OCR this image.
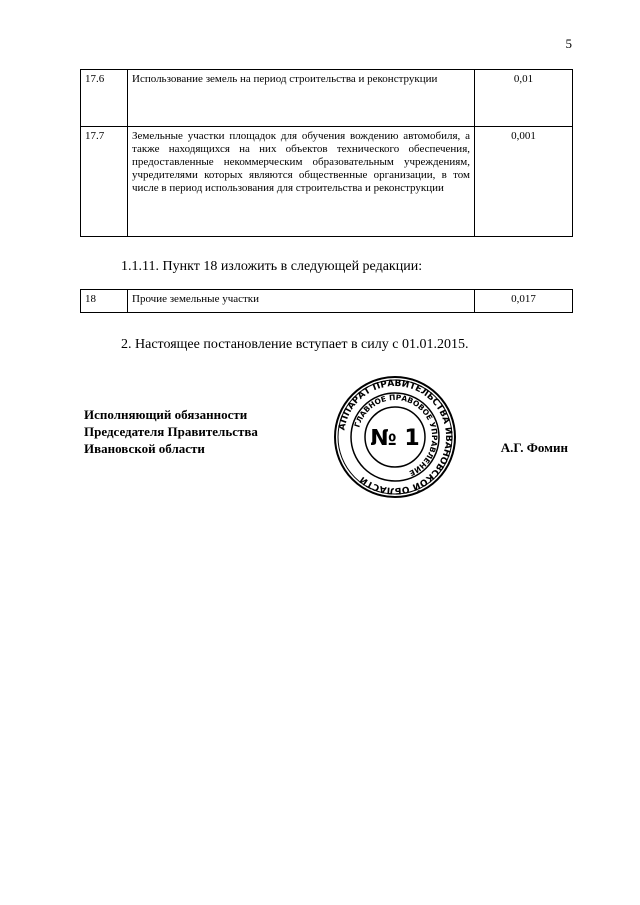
5
17.6	Использование земель на период строительства и реконструкции	0,01
17.7	Земельные участки площадок для обучения вождению автомобиля, а также находящихся на них объектов технического обеспечения, предоставленные некоммерческим образовательным учреждениям, учредителями которых являются общественные организации, в том числе в период использования для строительства и реконструкции	0,001
1.1.11. Пункт 18 изложить в следующей редакции:
18	Прочие земельные участки	0,017
2. Настоящее постановление вступает в силу с 01.01.2015.
Исполняющий обязанности
Председателя Правительства
Ивановской области	А.Г. Фомин
АППАРАТ ПРАВИТЕЛЬСТВА ИВАНОВСКОЙ ОБЛАСТИ
ГЛАВНОЕ ПРАВОВОЕ УПРАВЛЕНИЕ
№ 1
